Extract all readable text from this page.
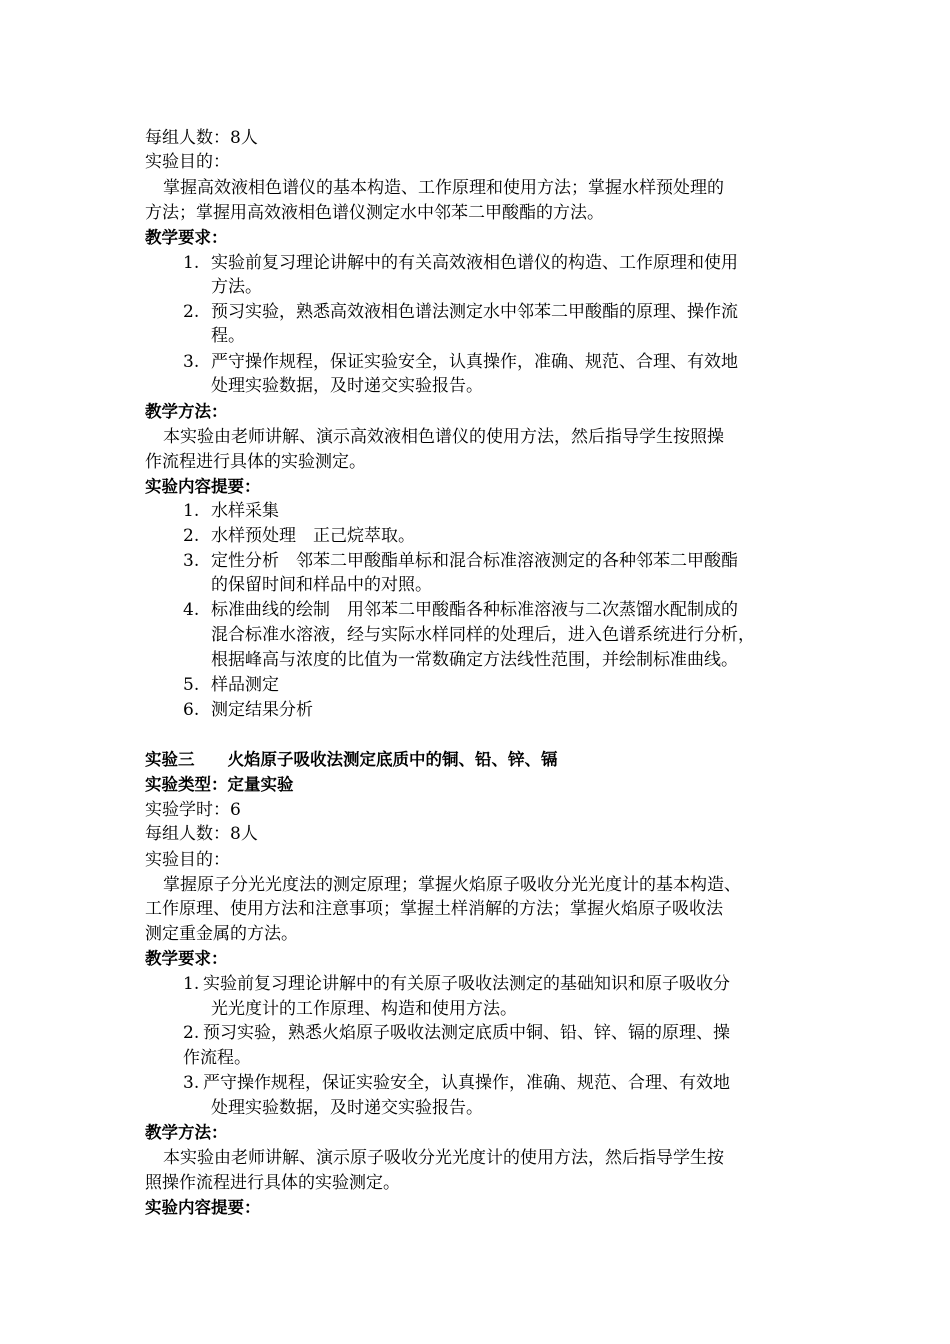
每组人数：8人
实验目的：
掌握高效液相色谱仪的基本构造、工作原理和使用方法；掌握水样预处理的
方法；掌握用高效液相色谱仪测定水中邻苯二甲酸酯的方法。
教学要求：
1. 实验前复习理论讲解中的有关高效液相色谱仪的构造、工作原理和使用
方法。
2. 预习实验，熟悉高效液相色谱法测定水中邻苯二甲酸酯的原理、操作流
程。
3. 严守操作规程，保证实验安全，认真操作，准确、规范、合理、有效地
处理实验数据，及时递交实验报告。
教学方法：
本实验由老师讲解、演示高效液相色谱仪的使用方法，然后指导学生按照操
作流程进行具体的实验测定。
实验内容提要：
1. 水样采集
2. 水样预处理　正己烷萃取。
3. 定性分析　邻苯二甲酸酯单标和混合标准溶液测定的各种邻苯二甲酸酯
的保留时间和样品中的对照。
4. 标准曲线的绘制　用邻苯二甲酸酯各种标准溶液与二次蒸馏水配制成的
混合标准水溶液，经与实际水样同样的处理后，进入色谱系统进行分析，
根据峰高与浓度的比值为一常数确定方法线性范围，并绘制标准曲线。
5. 样品测定
6. 测定结果分析
实验三　　火焰原子吸收法测定底质中的铜、铅、锌、镉
实验类型：定量实验
实验学时：6
每组人数：8人
实验目的：
掌握原子分光光度法的测定原理；掌握火焰原子吸收分光光度计的基本构造、
工作原理、使用方法和注意事项；掌握土样消解的方法；掌握火焰原子吸收法
测定重金属的方法。
教学要求：
1. 实验前复习理论讲解中的有关原子吸收法测定的基础知识和原子吸收分
光光度计的工作原理、构造和使用方法。
2. 预习实验，熟悉火焰原子吸收法测定底质中铜、铅、锌、镉的原理、操
作流程。
3. 严守操作规程，保证实验安全，认真操作，准确、规范、合理、有效地
处理实验数据，及时递交实验报告。
教学方法：
本实验由老师讲解、演示原子吸收分光光度计的使用方法，然后指导学生按
照操作流程进行具体的实验测定。
实验内容提要：
